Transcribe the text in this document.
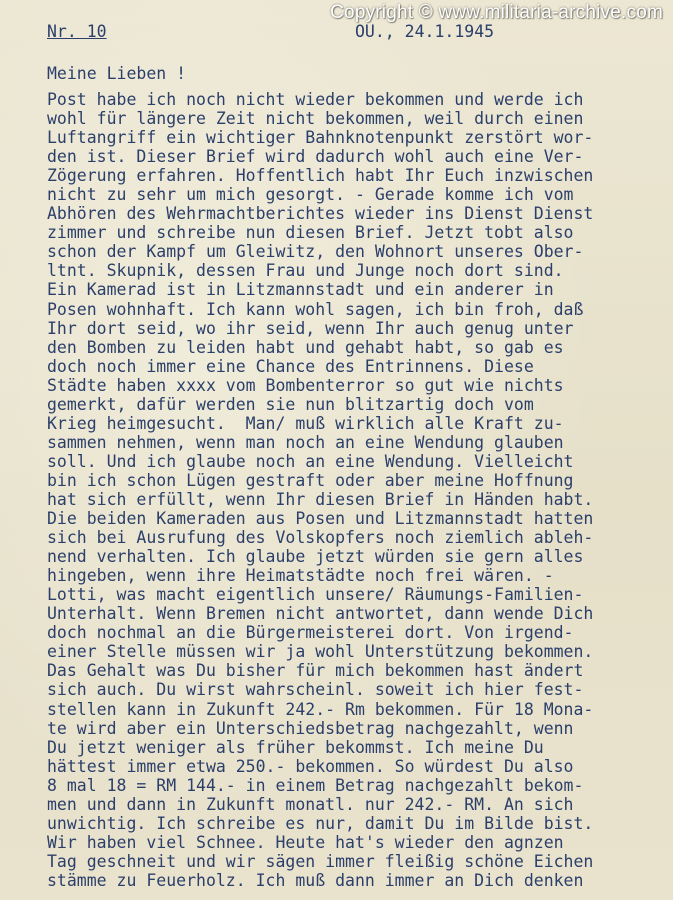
Copyright © www.militaria-archive.com
Nr. 10	OU., 24.1.1945
Meine Lieben !
Post habe ich noch nicht wieder bekommen und werde ich
wohl für längere Zeit nicht bekommen, weil durch einen
Luftangriff ein wichtiger Bahnknotenpunkt zerstört wor-
den ist. Dieser Brief wird dadurch wohl auch eine Ver-
Zögerung erfahren. Hoffentlich habt Ihr Euch inzwischen
nicht zu sehr um mich gesorgt. - Gerade komme ich vom
Abhören des Wehrmachtberichtes wieder ins Dienst Dienst
zimmer und schreibe nun diesen Brief. Jetzt tobt also
schon der Kampf um Gleiwitz, den Wohnort unseres Ober-
ltnt. Skupnik, dessen Frau und Junge noch dort sind.
Ein Kamerad ist in Litzmannstadt und ein anderer in
Posen wohnhaft. Ich kann wohl sagen, ich bin froh, daß
Ihr dort seid, wo ihr seid, wenn Ihr auch genug unter
den Bomben zu leiden habt und gehabt habt, so gab es
doch noch immer eine Chance des Entrinnens. Diese
Städte haben xxxx vom Bombenterror so gut wie nichts
gemerkt, dafür werden sie nun blitzartig doch vom
Krieg heimgesucht.  Man/ muß wirklich alle Kraft zu-
sammen nehmen, wenn man noch an eine Wendung glauben
soll. Und ich glaube noch an eine Wendung. Vielleicht
bin ich schon Lügen gestraft oder aber meine Hoffnung
hat sich erfüllt, wenn Ihr diesen Brief in Händen habt.
Die beiden Kameraden aus Posen und Litzmannstadt hatten
sich bei Ausrufung des Volskopfers noch ziemlich ableh-
nend verhalten. Ich glaube jetzt würden sie gern alles
hingeben, wenn ihre Heimatstädte noch frei wären. -
Lotti, was macht eigentlich unsere/ Räumungs-Familien-
Unterhalt. Wenn Bremen nicht antwortet, dann wende Dich
doch nochmal an die Bürgermeisterei dort. Von irgend-
einer Stelle müssen wir ja wohl Unterstützung bekommen.
Das Gehalt was Du bisher für mich bekommen hast ändert
sich auch. Du wirst wahrscheinl. soweit ich hier fest-
stellen kann in Zukunft 242.- Rm bekommen. Für 18 Mona-
te wird aber ein Unterschiedsbetrag nachgezahlt, wenn
Du jetzt weniger als früher bekommst. Ich meine Du
hättest immer etwa 250.- bekommen. So würdest Du also
8 mal 18 = RM 144.- in einem Betrag nachgezahlt bekom-
men und dann in Zukunft monatl. nur 242.- RM. An sich
unwichtig. Ich schreibe es nur, damit Du im Bilde bist.
Wir haben viel Schnee. Heute hat's wieder den agnzen
Tag geschneit und wir sägen immer fleißig schöne Eichen
stämme zu Feuerholz. Ich muß dann immer an Dich denken
